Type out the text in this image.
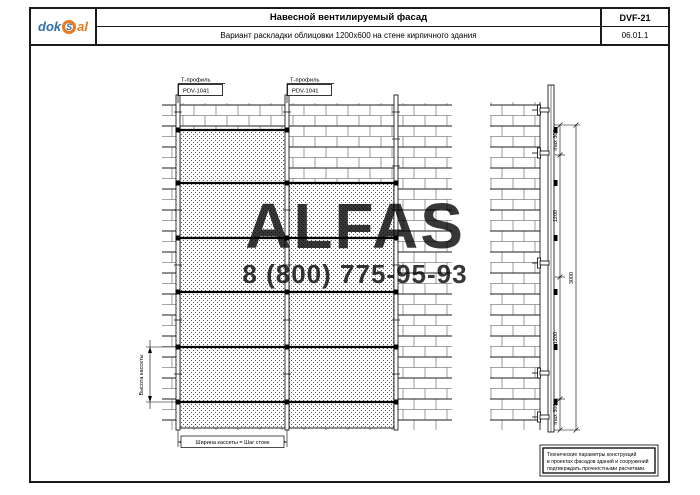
dok S al
Навесной вентилируемый фасад
Вариант раскладки облицовки 1200x600 на стене кирпичного здания
DVF-21
06.01.1
Т-профиль
PDV-1041
Т-профиль
PDV-1041
Высота кассеты
Ширина кассеты = Шаг стоек
max 300
1200
1200
max 300
3000
ALFAS
8 (800) 775-95-93
Технические параметры конструкций
в проектах фасадов зданий и сооружений
подтверждать прочностными расчетами.
